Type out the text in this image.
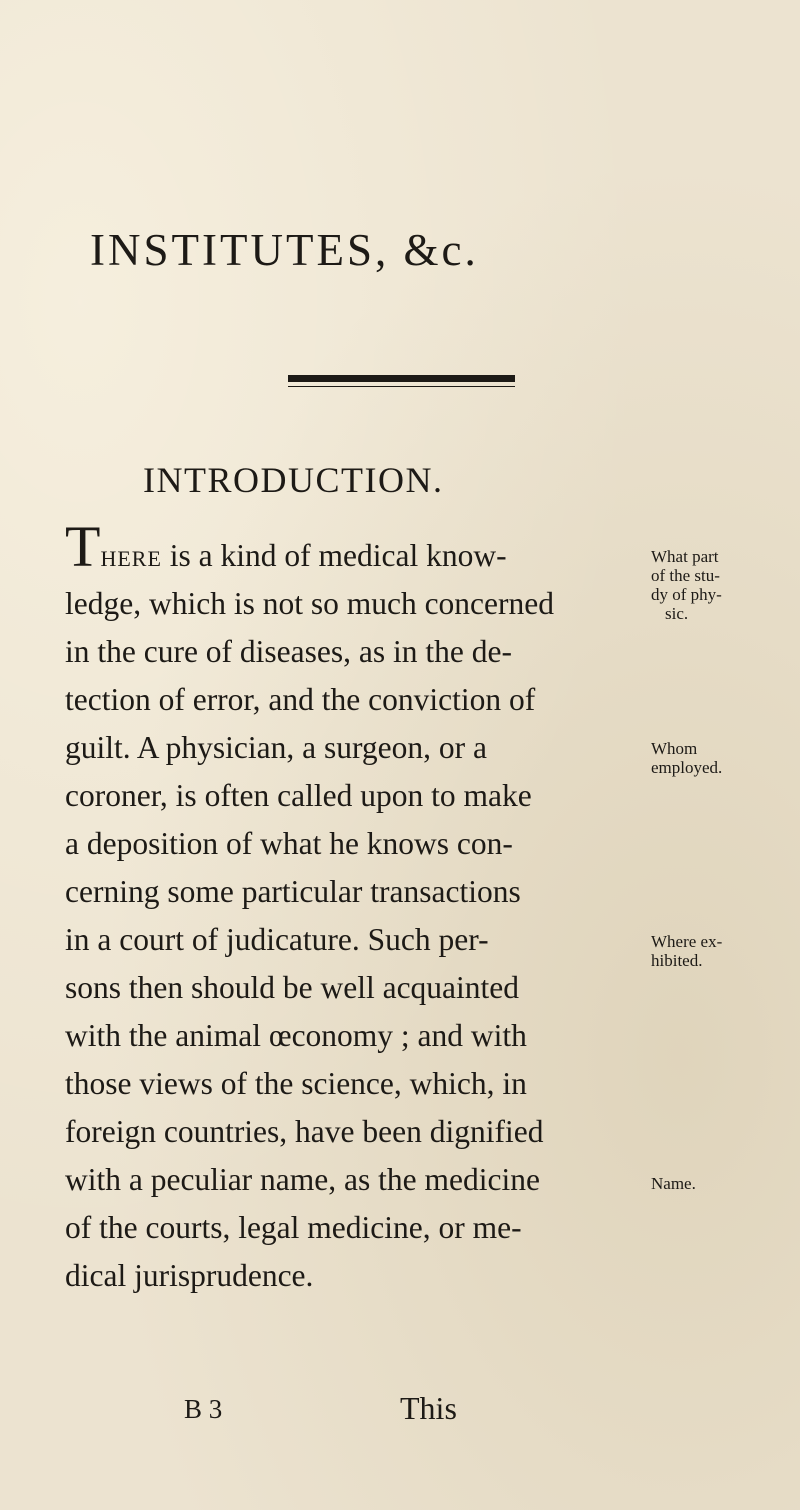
INSTITUTES, &c.
INTRODUCTION.

There is a kind of medical know-

ledge, which is not so much concerned

in the cure of diseases, as in the de-

tection of error, and the conviction of

guilt. A physician, a surgeon, or a

coroner, is often called upon to make

a deposition of what he knows con-

cerning some particular transactions

in a court of judicature. Such per-

sons then should be well acquainted

with the animal œconomy ; and with

those views of the science, which, in

foreign countries, have been dignified

with a peculiar name, as the medicine

of the courts, legal medicine, or me-

dical jurisprudence.

What part
of the stu-
dy of phy-
sic.
Whom
employed.
Where ex-
hibited.
Name.

B 3	This
